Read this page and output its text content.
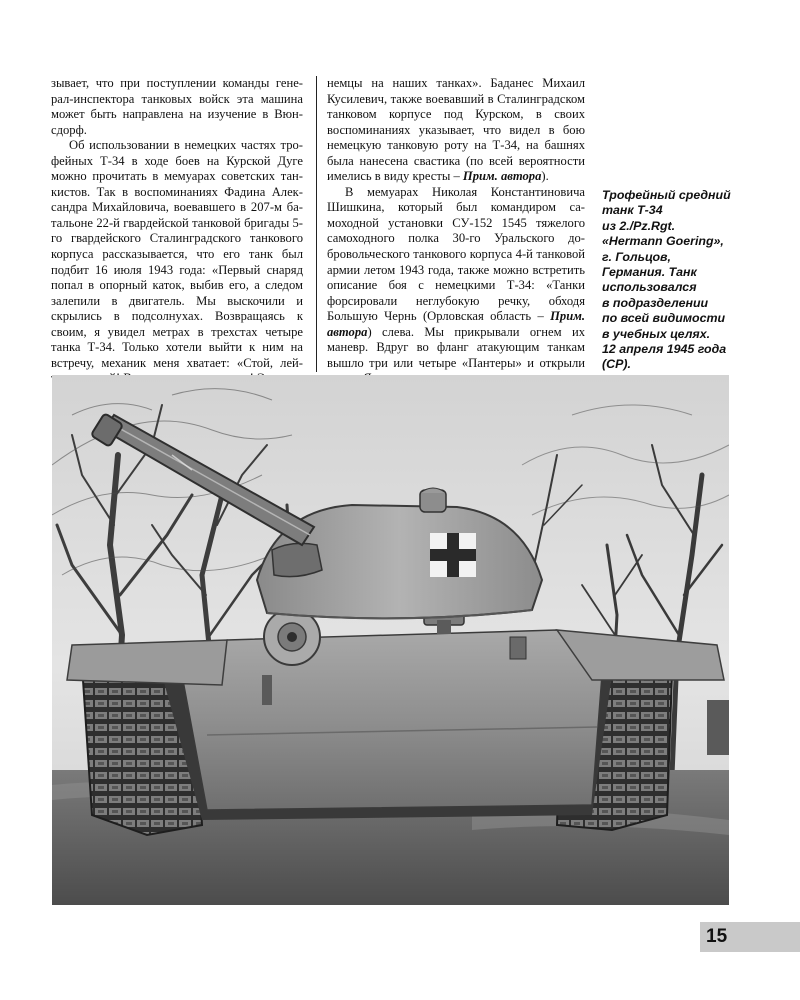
зывает, что при поступлении команды генерал-инспектора танковых войск эта машина может быть направлена на изучение в Вюнсдорф.

Об использовании в немецких частях трофейных Т-34 в ходе боев на Курской Дуге можно прочитать в мемуарах советских танкистов. Так в воспоминаниях Фадина Александра Михайловича, воевавшего в 207-м батальоне 22-й гвардейской танковой бригады 5-го гвардейского Сталинградского танкового корпуса рассказывается, что его танк был подбит 16 июля 1943 года: «Первый снаряд попал в опорный каток, выбив его, а следом залепили в двигатель. Мы выскочили и скрылись в подсолнухах. Возвращаясь к своим, я увидел метрах в трехстах четыре танка Т-34. Только хотели выйти к ним на встречу, механик меня хватает: «Стой, лей

немцы на наших танках». Баданес Михаил Кусилевич, также воевавший в Сталинградском танковом корпусе под Курском, в своих воспоминаниях указывает, что видел в бою немецкую танковую роту на Т-34, на башнях была нанесена свастика (по всей вероятности имелись в виду кресты – Прим. автора).

В мемуарах Николая Константиновича Шишкина, который был командиром самоходной установки СУ-152 1545 тяжелого самоходного полка 30-го Уральского добровольческого танкового корпуса 4-й танковой армии летом 1943 года, также можно встретить описание боя с немецкими Т-34: «Танки форсировали неглубокую речку, обходя Большую Чернь (Орловская область – Прим. автора) слева. Мы прикрывали огнем их маневр. Вдруг во фланг атакующим танкам вышло три или четыре «Пантеры» и открыли

Трофейный средний
танк Т-34
из 2./Pz.Rgt.
«Hermann Goering»,
г. Гольцов,
Германия. Танк
использовался
в подразделении
по всей видимости
в учебных целях.
12 апреля 1945 года
(СР).
15
